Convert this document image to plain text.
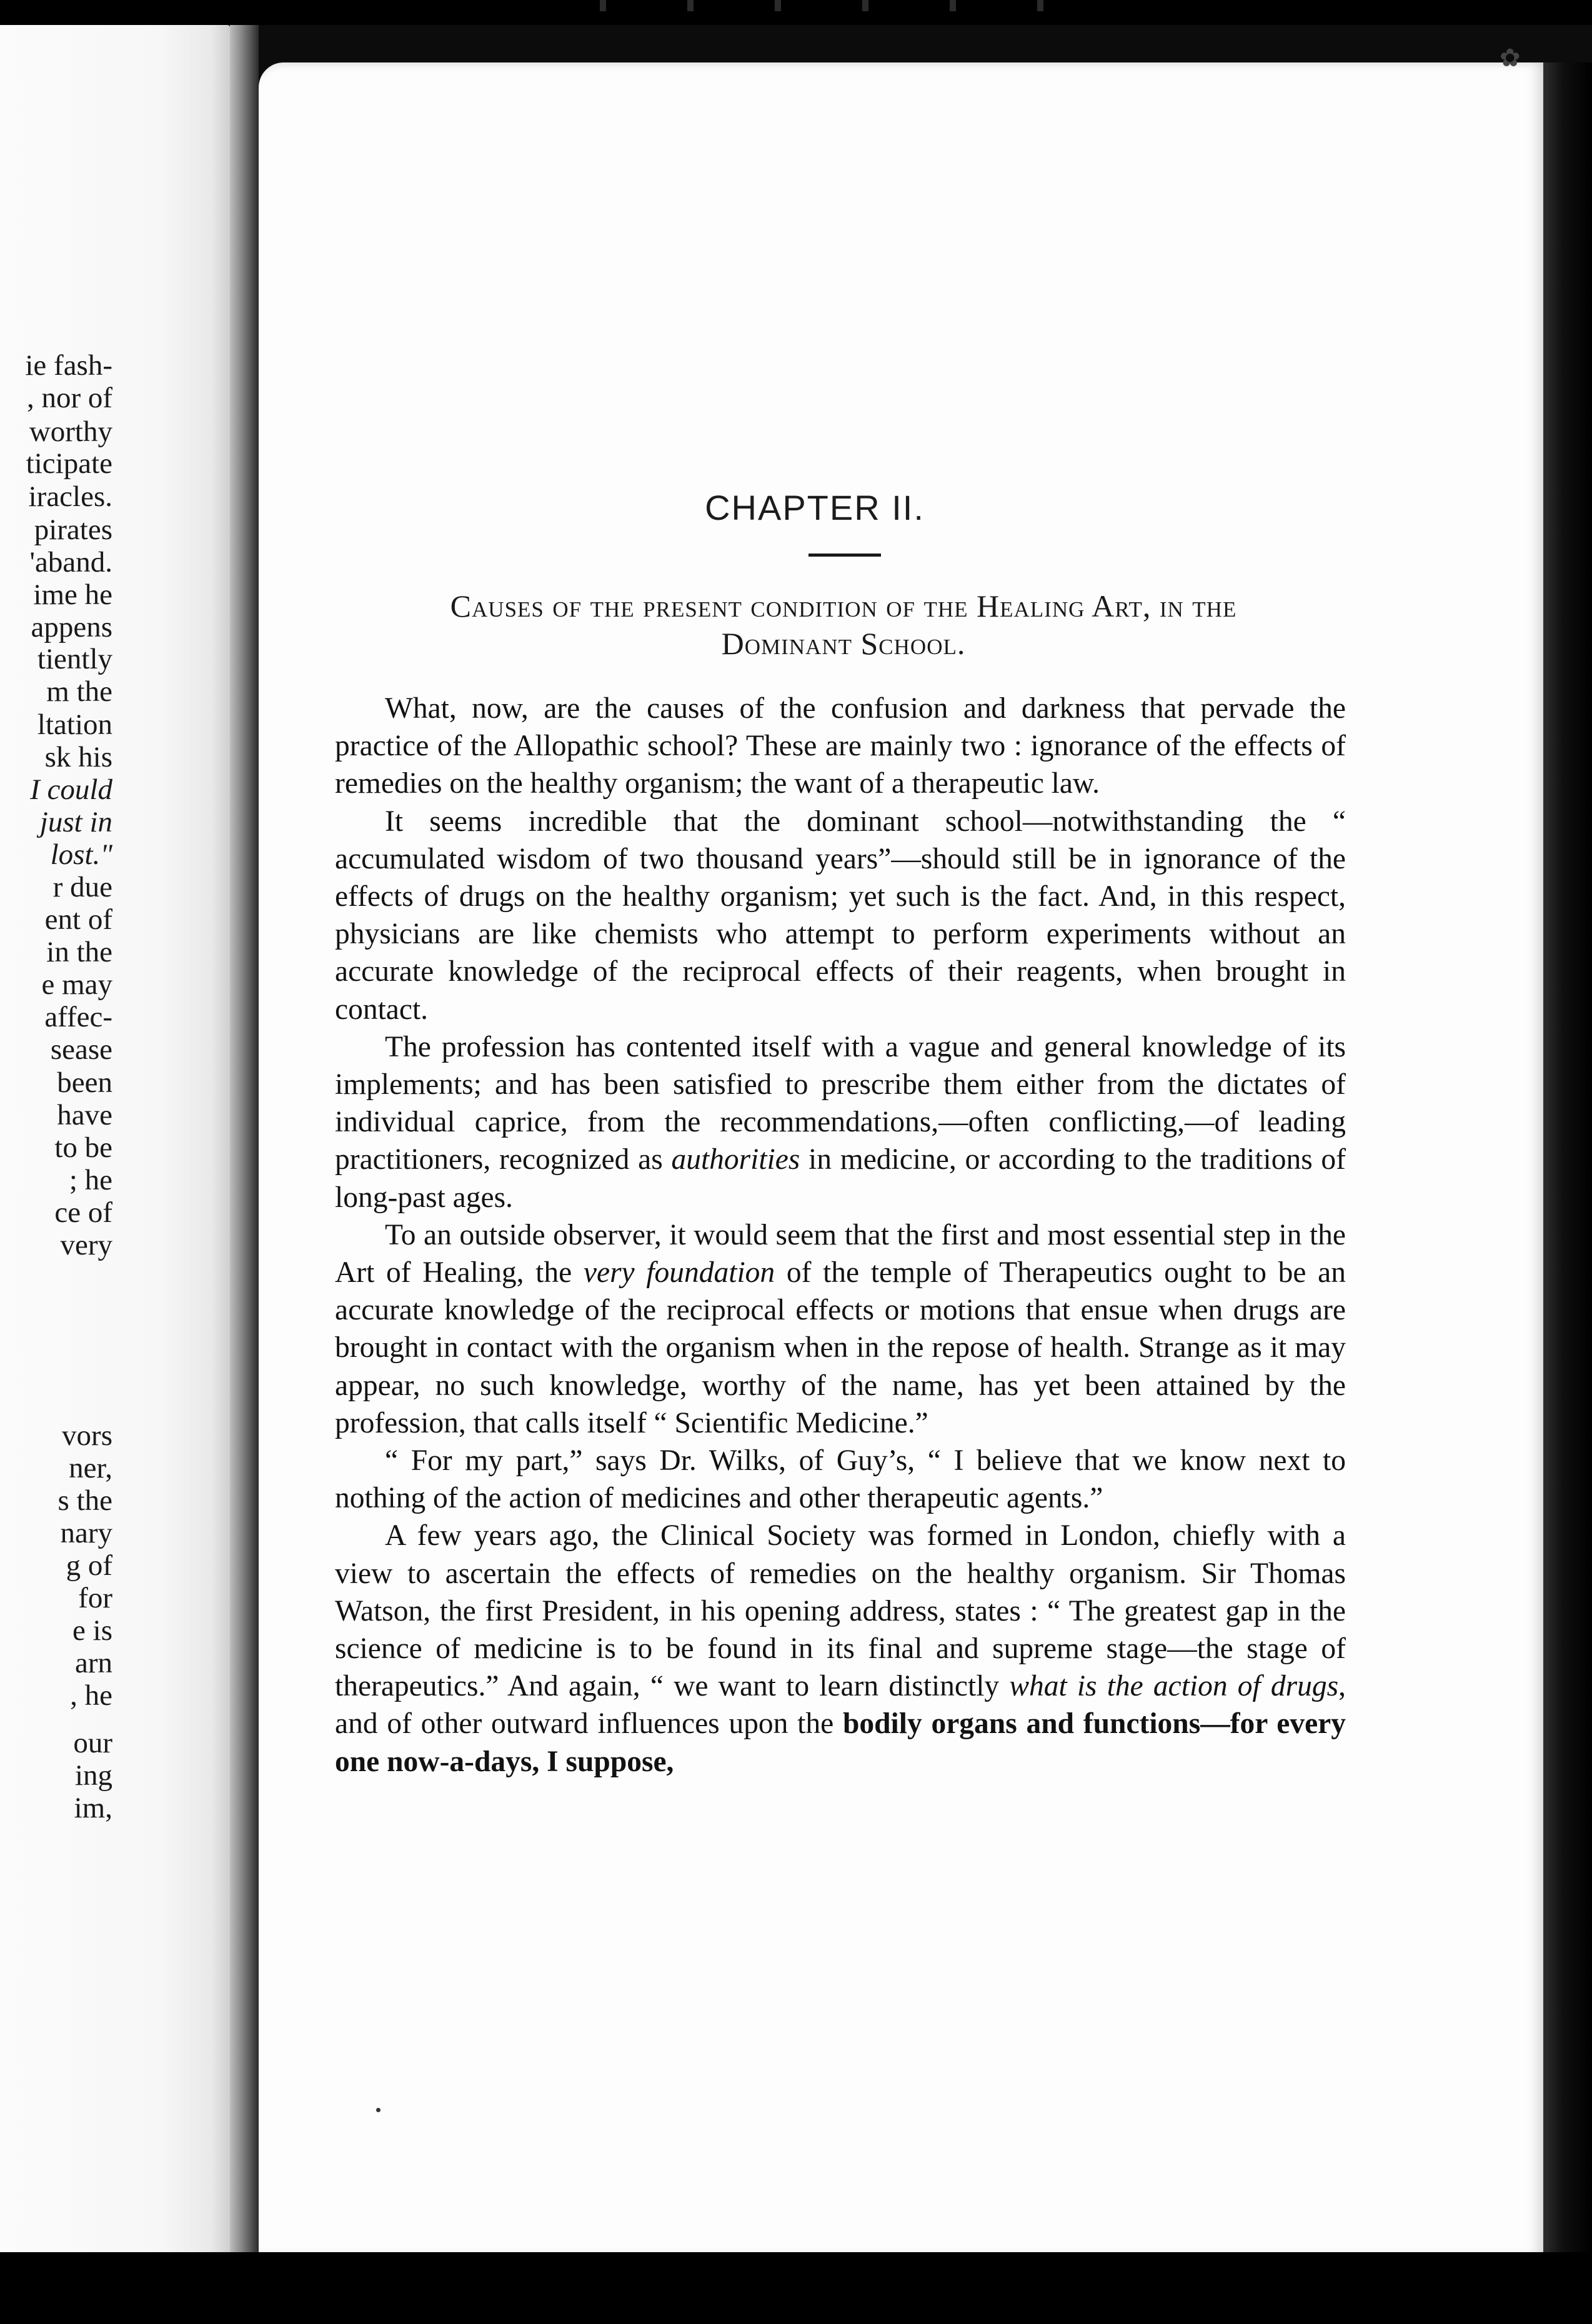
ie fash-
, nor of
worthy
ticipate
iracles.
pirates
'aband.
ime he
appens
tiently
m the
ltation
sk his
I could
just in
lost."
r due
ent of
in the
e may
affec-
sease
been
have
to be
; he
ce of
very
vors
ner,
s the
nary
g of
for
e is
arn
, he
our
ing
im,
✿
CHAPTER II.
Causes of the present condition of the Healing Art, in the
Dominant School.

What, now, are the causes of the confusion and darkness that pervade the practice of the Allopathic school? These are mainly two : ignorance of the effects of remedies on the healthy organism; the want of a therapeutic law.

It seems incredible that the dominant school—notwithstanding the “ accumulated wisdom of two thousand years”—should still be in ignorance of the effects of drugs on the healthy organism; yet such is the fact. And, in this respect, physicians are like chemists who attempt to perform experiments without an accurate knowledge of the reciprocal effects of their reagents, when brought in contact.

The profession has contented itself with a vague and general knowledge of its implements; and has been satisfied to prescribe them either from the dictates of individual caprice, from the recommendations,—often conflicting,—of leading practitioners, recognized as authorities in medicine, or according to the traditions of long-past ages.

To an outside observer, it would seem that the first and most essential step in the Art of Healing, the very foundation of the temple of Therapeutics ought to be an accurate knowledge of the reciprocal effects or motions that ensue when drugs are brought in contact with the organism when in the repose of health. Strange as it may appear, no such knowledge, worthy of the name, has yet been attained by the profession, that calls itself “ Scientific Medicine.”

“ For my part,” says Dr. Wilks, of Guy’s, “ I believe that we know next to nothing of the action of medicines and other therapeutic agents.”

A few years ago, the Clinical Society was formed in London, chiefly with a view to ascertain the effects of remedies on the healthy organism. Sir Thomas Watson, the first President, in his opening address, states : “ The greatest gap in the science of medicine is to be found in its final and supreme stage—the stage of therapeutics.” And again, “ we want to learn distinctly what is the action of drugs, and of other outward influences upon the bodily organs and functions—for every one now-a-days, I suppose,
